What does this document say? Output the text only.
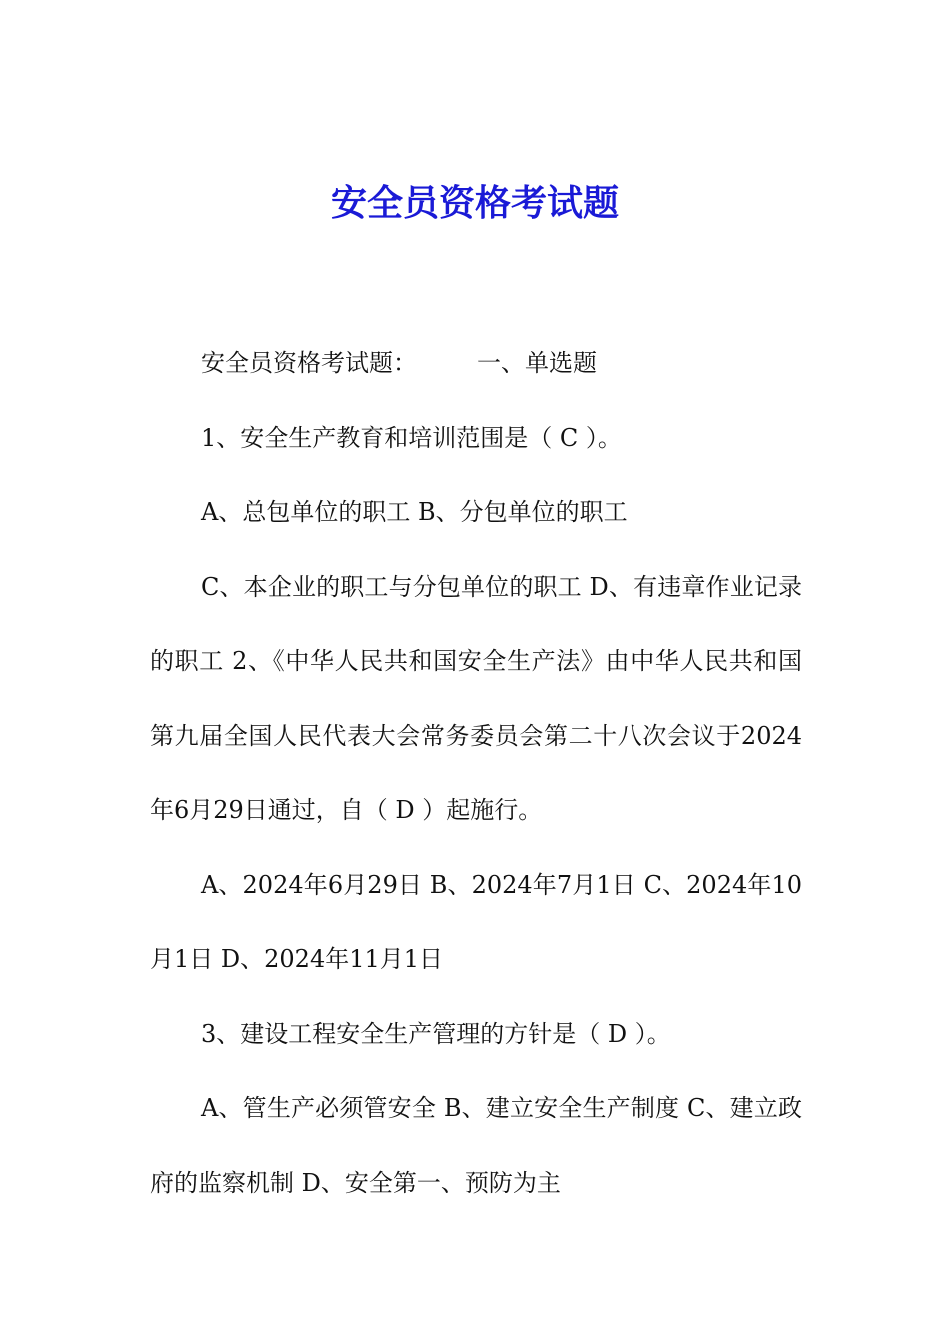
安全员资格考试题

安全员资格考试题：　　　一、单选题

1、安全生产教育和培训范围是（ C ）。

A、总包单位的职工 B、分包单位的职工

C、本企业的职工与分包单位的职工 D、有违章作业记录的职工 2、《中华人民共和国安全生产法》由中华人民共和国第九届全国人民代表大会常务委员会第二十八次会议于2024年6月29日通过，自（ D ）起施行。

A、2024年6月29日 B、2024年7月1日 C、2024年10月1日 D、2024年11月1日

3、建设工程安全生产管理的方针是（ D ）。

A、管生产必须管安全 B、建立安全生产制度 C、建立政府的监察机制 D、安全第一、预防为主
